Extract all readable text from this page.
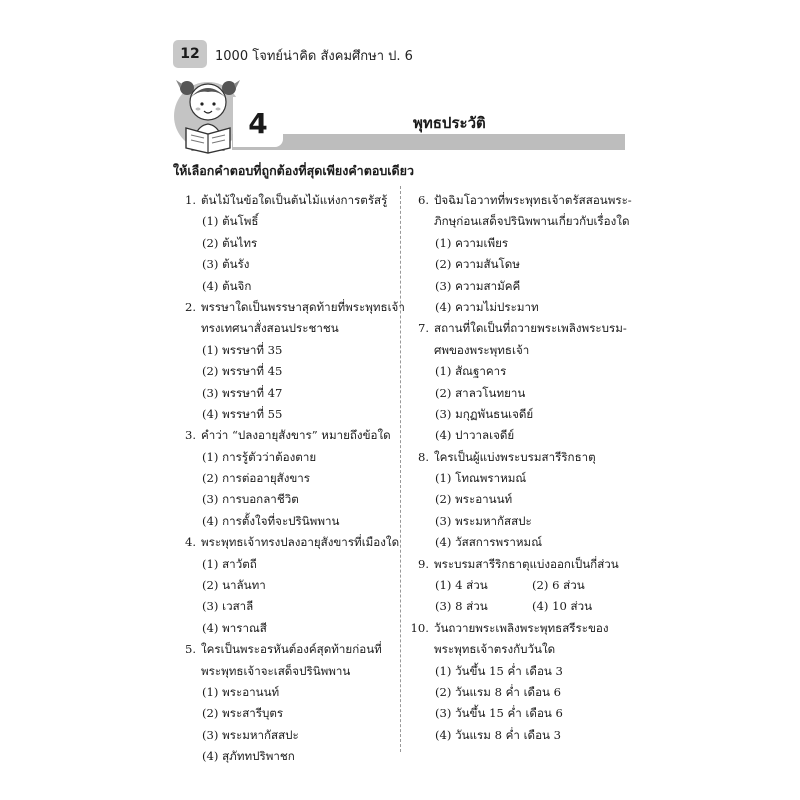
12	1000 โจทย์น่าคิด สังคมศึกษา ป. 6
4	พุทธประวัติ
ให้เลือกคำตอบที่ถูกต้องที่สุดเพียงคำตอบเดียว
1. ต้นไม้ในข้อใดเป็นต้นไม้แห่งการตรัสรู้
(1) ต้นโพธิ์
(2) ต้นไทร
(3) ต้นรัง
(4) ต้นจิก
2. พรรษาใดเป็นพรรษาสุดท้ายที่พระพุทธเจ้า
ทรงเทศนาสั่งสอนประชาชน
(1) พรรษาที่ 35
(2) พรรษาที่ 45
(3) พรรษาที่ 47
(4) พรรษาที่ 55
3. คำว่า “ปลงอายุสังขาร” หมายถึงข้อใด
(1) การรู้ตัวว่าต้องตาย
(2) การต่ออายุสังขาร
(3) การบอกลาชีวิต
(4) การตั้งใจที่จะปรินิพพาน
4. พระพุทธเจ้าทรงปลงอายุสังขารที่เมืองใด
(1) สาวัตถี
(2) นาลันทา
(3) เวสาลี
(4) พาราณสี
5. ใครเป็นพระอรหันต์องค์สุดท้ายก่อนที่
พระพุทธเจ้าจะเสด็จปรินิพพาน
(1) พระอานนท์
(2) พระสารีบุตร
(3) พระมหากัสสปะ
(4) สุภัททปริพาชก
6. ปัจฉิมโอวาทที่พระพุทธเจ้าตรัสสอนพระ-
ภิกษุก่อนเสด็จปรินิพพานเกี่ยวกับเรื่องใด
(1) ความเพียร
(2) ความสันโดษ
(3) ความสามัคคี
(4) ความไม่ประมาท
7. สถานที่ใดเป็นที่ถวายพระเพลิงพระบรม-
ศพของพระพุทธเจ้า
(1) สัณฐาคาร
(2) สาลวโนทยาน
(3) มกุฏพันธนเจดีย์
(4) ปาวาลเจดีย์
8. ใครเป็นผู้แบ่งพระบรมสารีริกธาตุ
(1) โทณพราหมณ์
(2) พระอานนท์
(3) พระมหากัสสปะ
(4) วัสสการพราหมณ์
9. พระบรมสารีริกธาตุแบ่งออกเป็นกี่ส่วน
(1) 4 ส่วน	(2) 6 ส่วน
(3) 8 ส่วน	(4) 10 ส่วน
10. วันถวายพระเพลิงพระพุทธสรีระของ
พระพุทธเจ้าตรงกับวันใด
(1) วันขึ้น 15 ค่ำ เดือน 3
(2) วันแรม 8 ค่ำ เดือน 6
(3) วันขึ้น 15 ค่ำ เดือน 6
(4) วันแรม 8 ค่ำ เดือน 3
